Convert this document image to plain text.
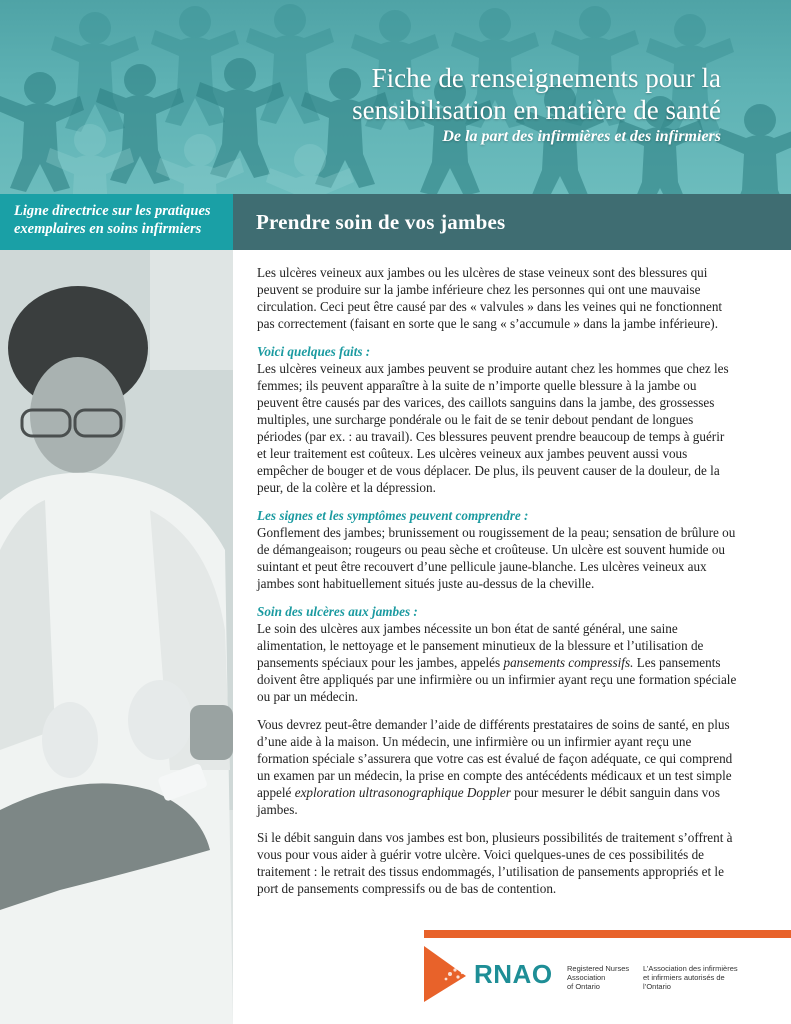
Fiche de renseignements pour la
sensibilisation en matière de santé
De la part des infirmières et des infirmiers
Ligne directrice sur les pratiques
exemplaires en soins infirmiers	Prendre soin de vos jambes

Les ulcères veineux aux jambes ou les ulcères de stase veineux sont des blessures qui peuvent se produire sur la jambe inférieure chez les personnes qui ont une mauvaise circulation. Ceci peut être causé par des « valvules » dans les veines qui ne fonctionnent pas correctement (faisant en sorte que le sang « s’accumule » dans la jambe inférieure).

Voici quelques faits :
Les ulcères veineux aux jambes peuvent se produire autant chez les hommes que chez les femmes; ils peuvent apparaître à la suite de n’importe quelle blessure à la jambe ou peuvent être causés par des varices, des caillots sanguins dans la jambe, des grossesses multiples, une surcharge pondérale ou le fait de se tenir debout pendant de longues périodes (par ex. : au travail). Ces blessures peuvent prendre beaucoup de temps à guérir et leur traitement est coûteux. Les ulcères veineux aux jambes peuvent aussi vous empêcher de bouger et de vous déplacer. De plus, ils peuvent causer de la douleur, de la peur, de la colère et la dépression.

Les signes et les symptômes peuvent comprendre :
Gonflement des jambes; brunissement ou rougissement de la peau; sensation de brûlure ou de démangeaison; rougeurs ou peau sèche et croûteuse. Un ulcère est souvent humide ou suintant et peut être recouvert d’une pellicule jaune-blanche. Les ulcères veineux aux jambes sont habituellement situés juste au-dessus de la cheville.

Soin des ulcères aux jambes :
Le soin des ulcères aux jambes nécessite un bon état de santé général, une saine alimentation, le nettoyage et le pansement minutieux de la blessure et l’utilisation de pansements spéciaux pour les jambes, appelés pansements compressifs. Les pansements doivent être appliqués par une infirmière ou un infirmier ayant reçu une formation spéciale ou par un médecin.

Vous devrez peut-être demander l’aide de différents prestataires de soins de santé, en plus d’une aide à la maison. Un médecin, une infirmière ou un infirmier ayant reçu une formation spéciale s’assurera que votre cas est évalué de façon adéquate, ce qui comprend un examen par un médecin, la prise en compte des antécédents médicaux et un test simple appelé exploration ultrasonographique Doppler pour mesurer le débit sanguin dans vos jambes.

Si le débit sanguin dans vos jambes est bon, plusieurs possibilités de traitement s’offrent à vous pour vous aider à guérir votre ulcère. Voici quelques-unes de ces possibilités de traitement : le retrait des tissus endommagés, l’utilisation de pansements appropriés et le port de pansements compressifs ou de bas de contention.

RNAO Registered Nurses
Association
of Ontario
L’Association des infirmières
et infirmiers autorisés de
l’Ontario
